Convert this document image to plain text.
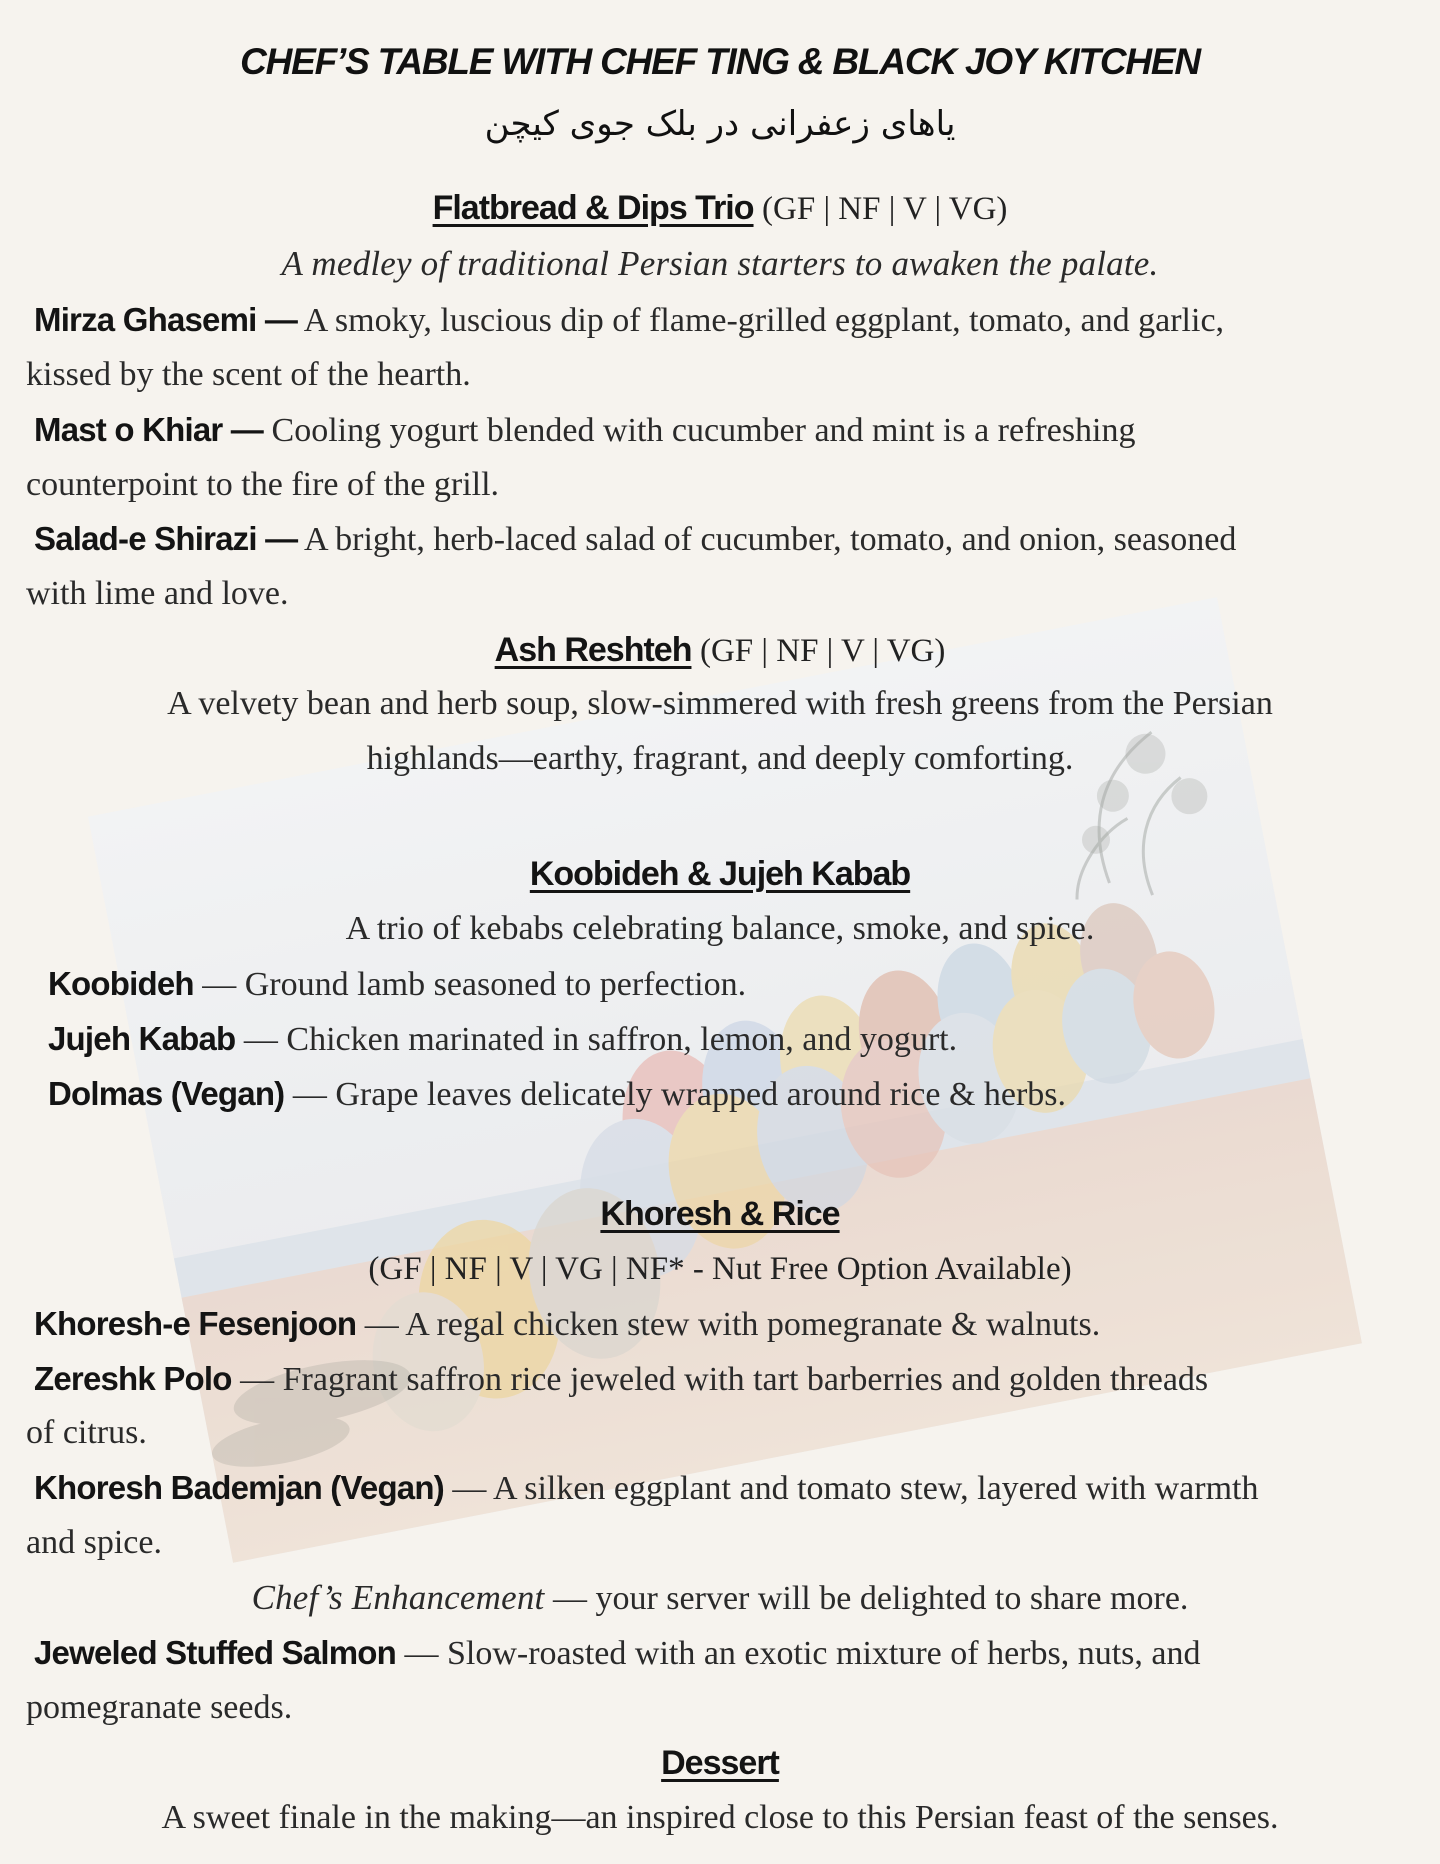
CHEF’S TABLE WITH CHEF TING & BLACK JOY KITCHEN
یاهای زعفرانی در بلک جوی کیچن
Flatbread & Dips Trio (GF | NF | V | VG)
A medley of traditional Persian starters to awaken the palate.
Mirza Ghasemi — A smoky, luscious dip of flame-grilled eggplant, tomato, and garlic,
kissed by the scent of the hearth.
Mast o Khiar — Cooling yogurt blended with cucumber and mint is a refreshing
counterpoint to the fire of the grill.
Salad-e Shirazi — A bright, herb-laced salad of cucumber, tomato, and onion, seasoned
with lime and love.
Ash Reshteh (GF | NF | V | VG)
A velvety bean and herb soup, slow-simmered with fresh greens from the Persian
highlands—earthy, fragrant, and deeply comforting.
Koobideh & Jujeh Kabab
A trio of kebabs celebrating balance, smoke, and spice.
Koobideh — Ground lamb seasoned to perfection.
Jujeh Kabab — Chicken marinated in saffron, lemon, and yogurt.
Dolmas (Vegan) — Grape leaves delicately wrapped around rice & herbs.
Khoresh & Rice
(GF | NF | V | VG | NF* - Nut Free Option Available)
Khoresh-e Fesenjoon — A regal chicken stew with pomegranate & walnuts.
Zereshk Polo — Fragrant saffron rice jeweled with tart barberries and golden threads
of citrus.
Khoresh Bademjan (Vegan) — A silken eggplant and tomato stew, layered with warmth
and spice.
Chef’s Enhancement — your server will be delighted to share more.
Jeweled Stuffed Salmon — Slow-roasted with an exotic mixture of herbs, nuts, and
pomegranate seeds.
Dessert
A sweet finale in the making—an inspired close to this Persian feast of the senses.
